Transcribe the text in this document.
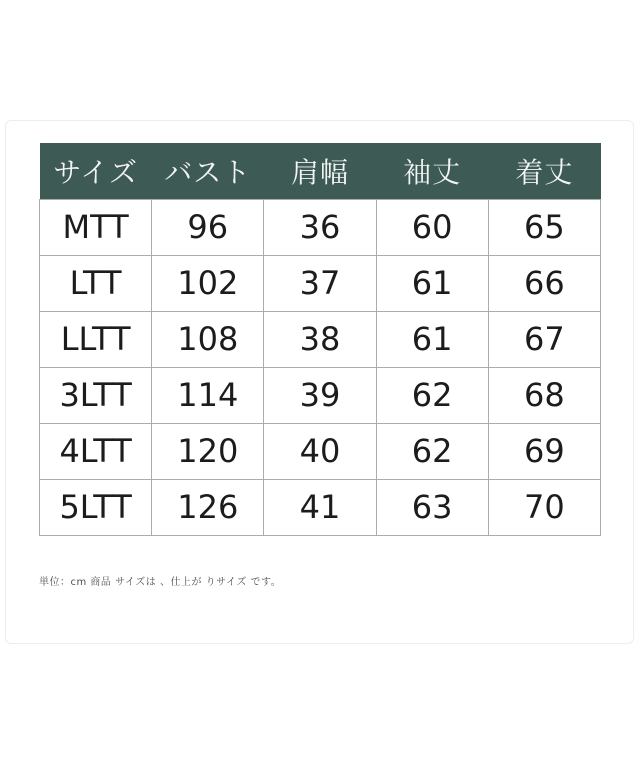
サイズ	バスト	肩幅	袖丈	着丈
MTT	96	36	60	65
LTT	102	37	61	66
LLTT	108	38	61	67
3LTT	114	39	62	68
4LTT	120	40	62	69
5LTT	126	41	63	70
単位：cm 商品 サイズは 、仕上が りサイズ です。
